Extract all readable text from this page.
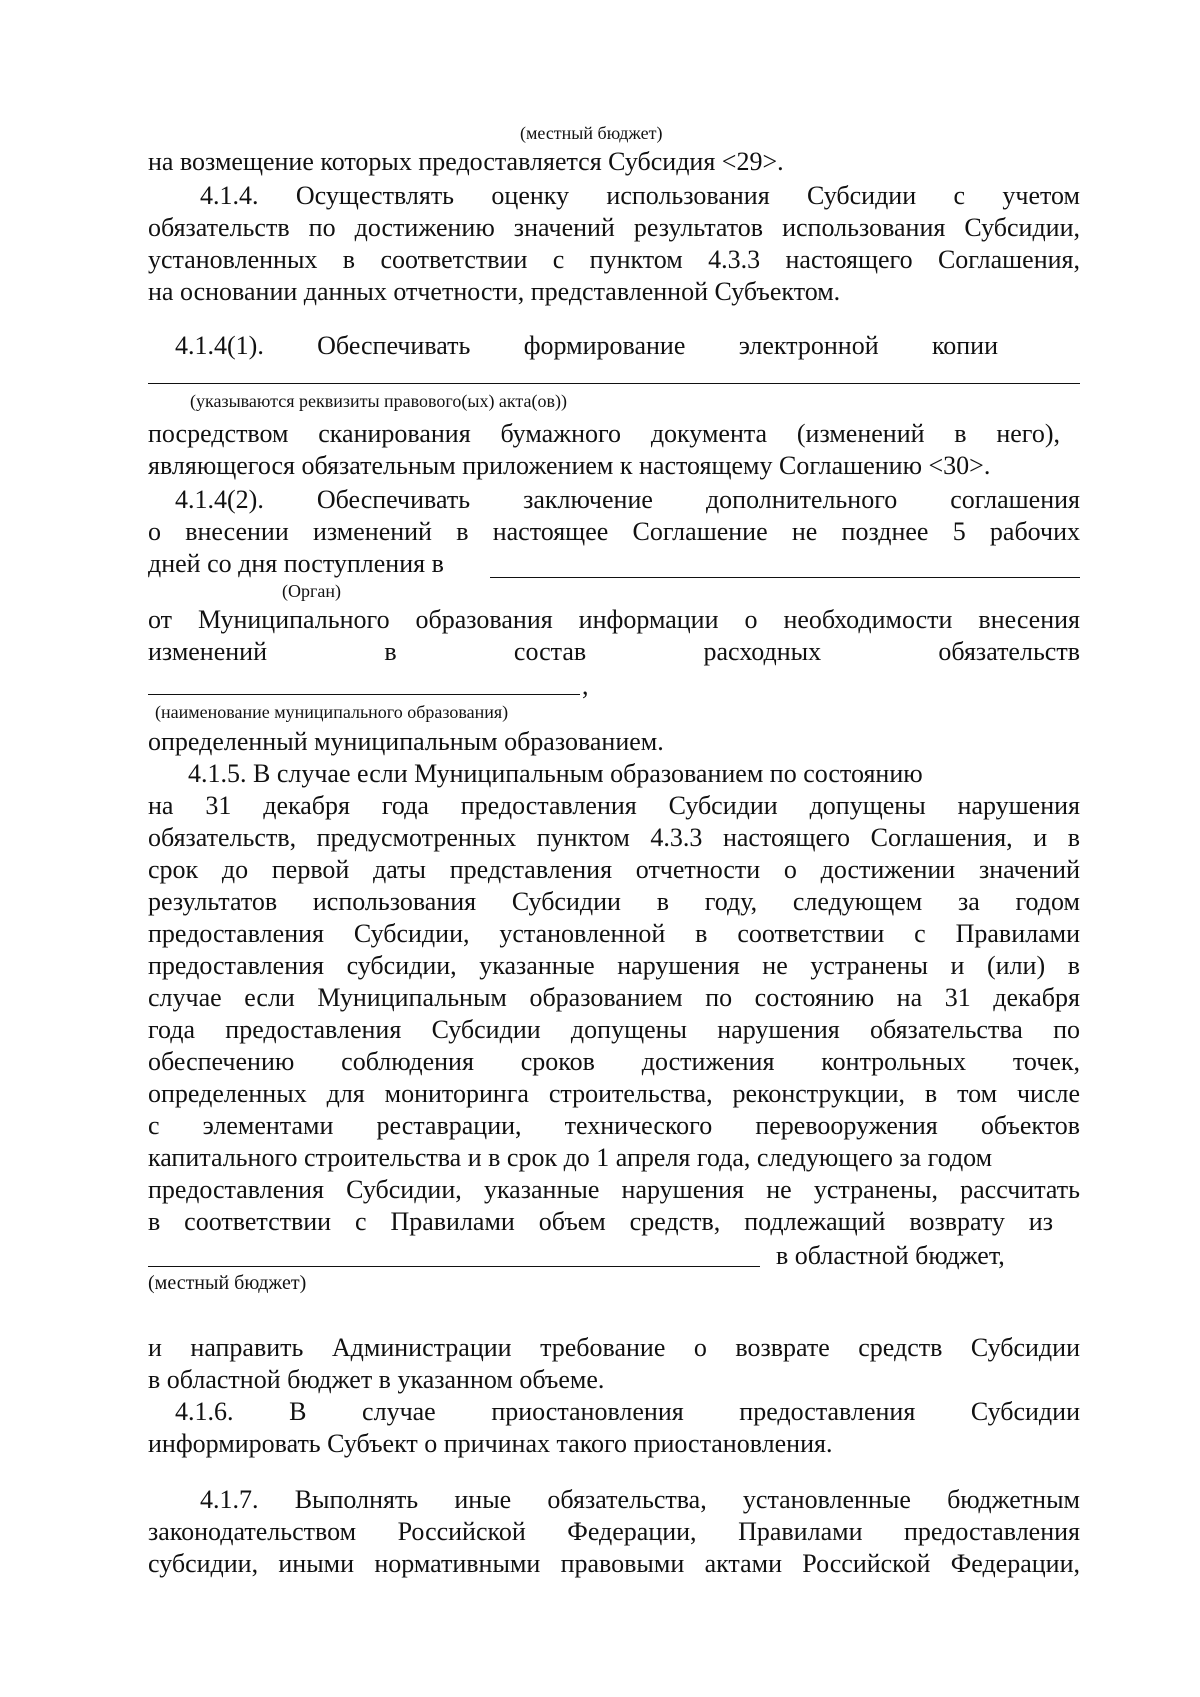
(местный бюджет)
на возмещение которых предоставляется Субсидия <29>.
4.1.4. Осуществлять оценку использования Субсидии с учетом
обязательств по достижению значений результатов использования Субсидии,
установленных в соответствии с пунктом 4.3.3 настоящего Соглашения,
на основании данных отчетности, представленной Субъектом.
4.1.4(1). Обеспечивать формирование электронной копии
(указываются реквизиты правового(ых) акта(ов))
посредством сканирования бумажного документа (изменений в него),
являющегося обязательным приложением к настоящему Соглашению <30>.
4.1.4(2). Обеспечивать заключение дополнительного соглашения
о внесении изменений в настоящее Соглашение не позднее 5 рабочих
дней со дня поступления в
(Орган)
от Муниципального образования информации о необходимости внесения
изменений в состав расходных обязательств
,
(наименование муниципального образования)
определенный муниципальным образованием.
4.1.5. В случае если Муниципальным образованием по состоянию
на 31 декабря года предоставления Субсидии допущены нарушения
обязательств, предусмотренных пунктом 4.3.3 настоящего Соглашения, и в
срок до первой даты представления отчетности о достижении значений
результатов использования Субсидии в году, следующем за годом
предоставления Субсидии, установленной в соответствии с Правилами
предоставления субсидии, указанные нарушения не устранены и (или) в
случае если Муниципальным образованием по состоянию на 31 декабря
года предоставления Субсидии допущены нарушения обязательства по
обеспечению соблюдения сроков достижения контрольных точек,
определенных для мониторинга строительства, реконструкции, в том числе
с элементами реставрации, технического перевооружения объектов
капитального строительства и в срок до 1 апреля года, следующего за годом
предоставления Субсидии, указанные нарушения не устранены, рассчитать
в соответствии с Правилами объем средств, подлежащий возврату из
в областной бюджет,
(местный бюджет)
и направить Администрации требование о возврате средств Субсидии
в областной бюджет в указанном объеме.
4.1.6. В случае приостановления предоставления Субсидии
информировать Субъект о причинах такого приостановления.
4.1.7. Выполнять иные обязательства, установленные бюджетным
законодательством Российской Федерации, Правилами предоставления
субсидии, иными нормативными правовыми актами Российской Федерации,
